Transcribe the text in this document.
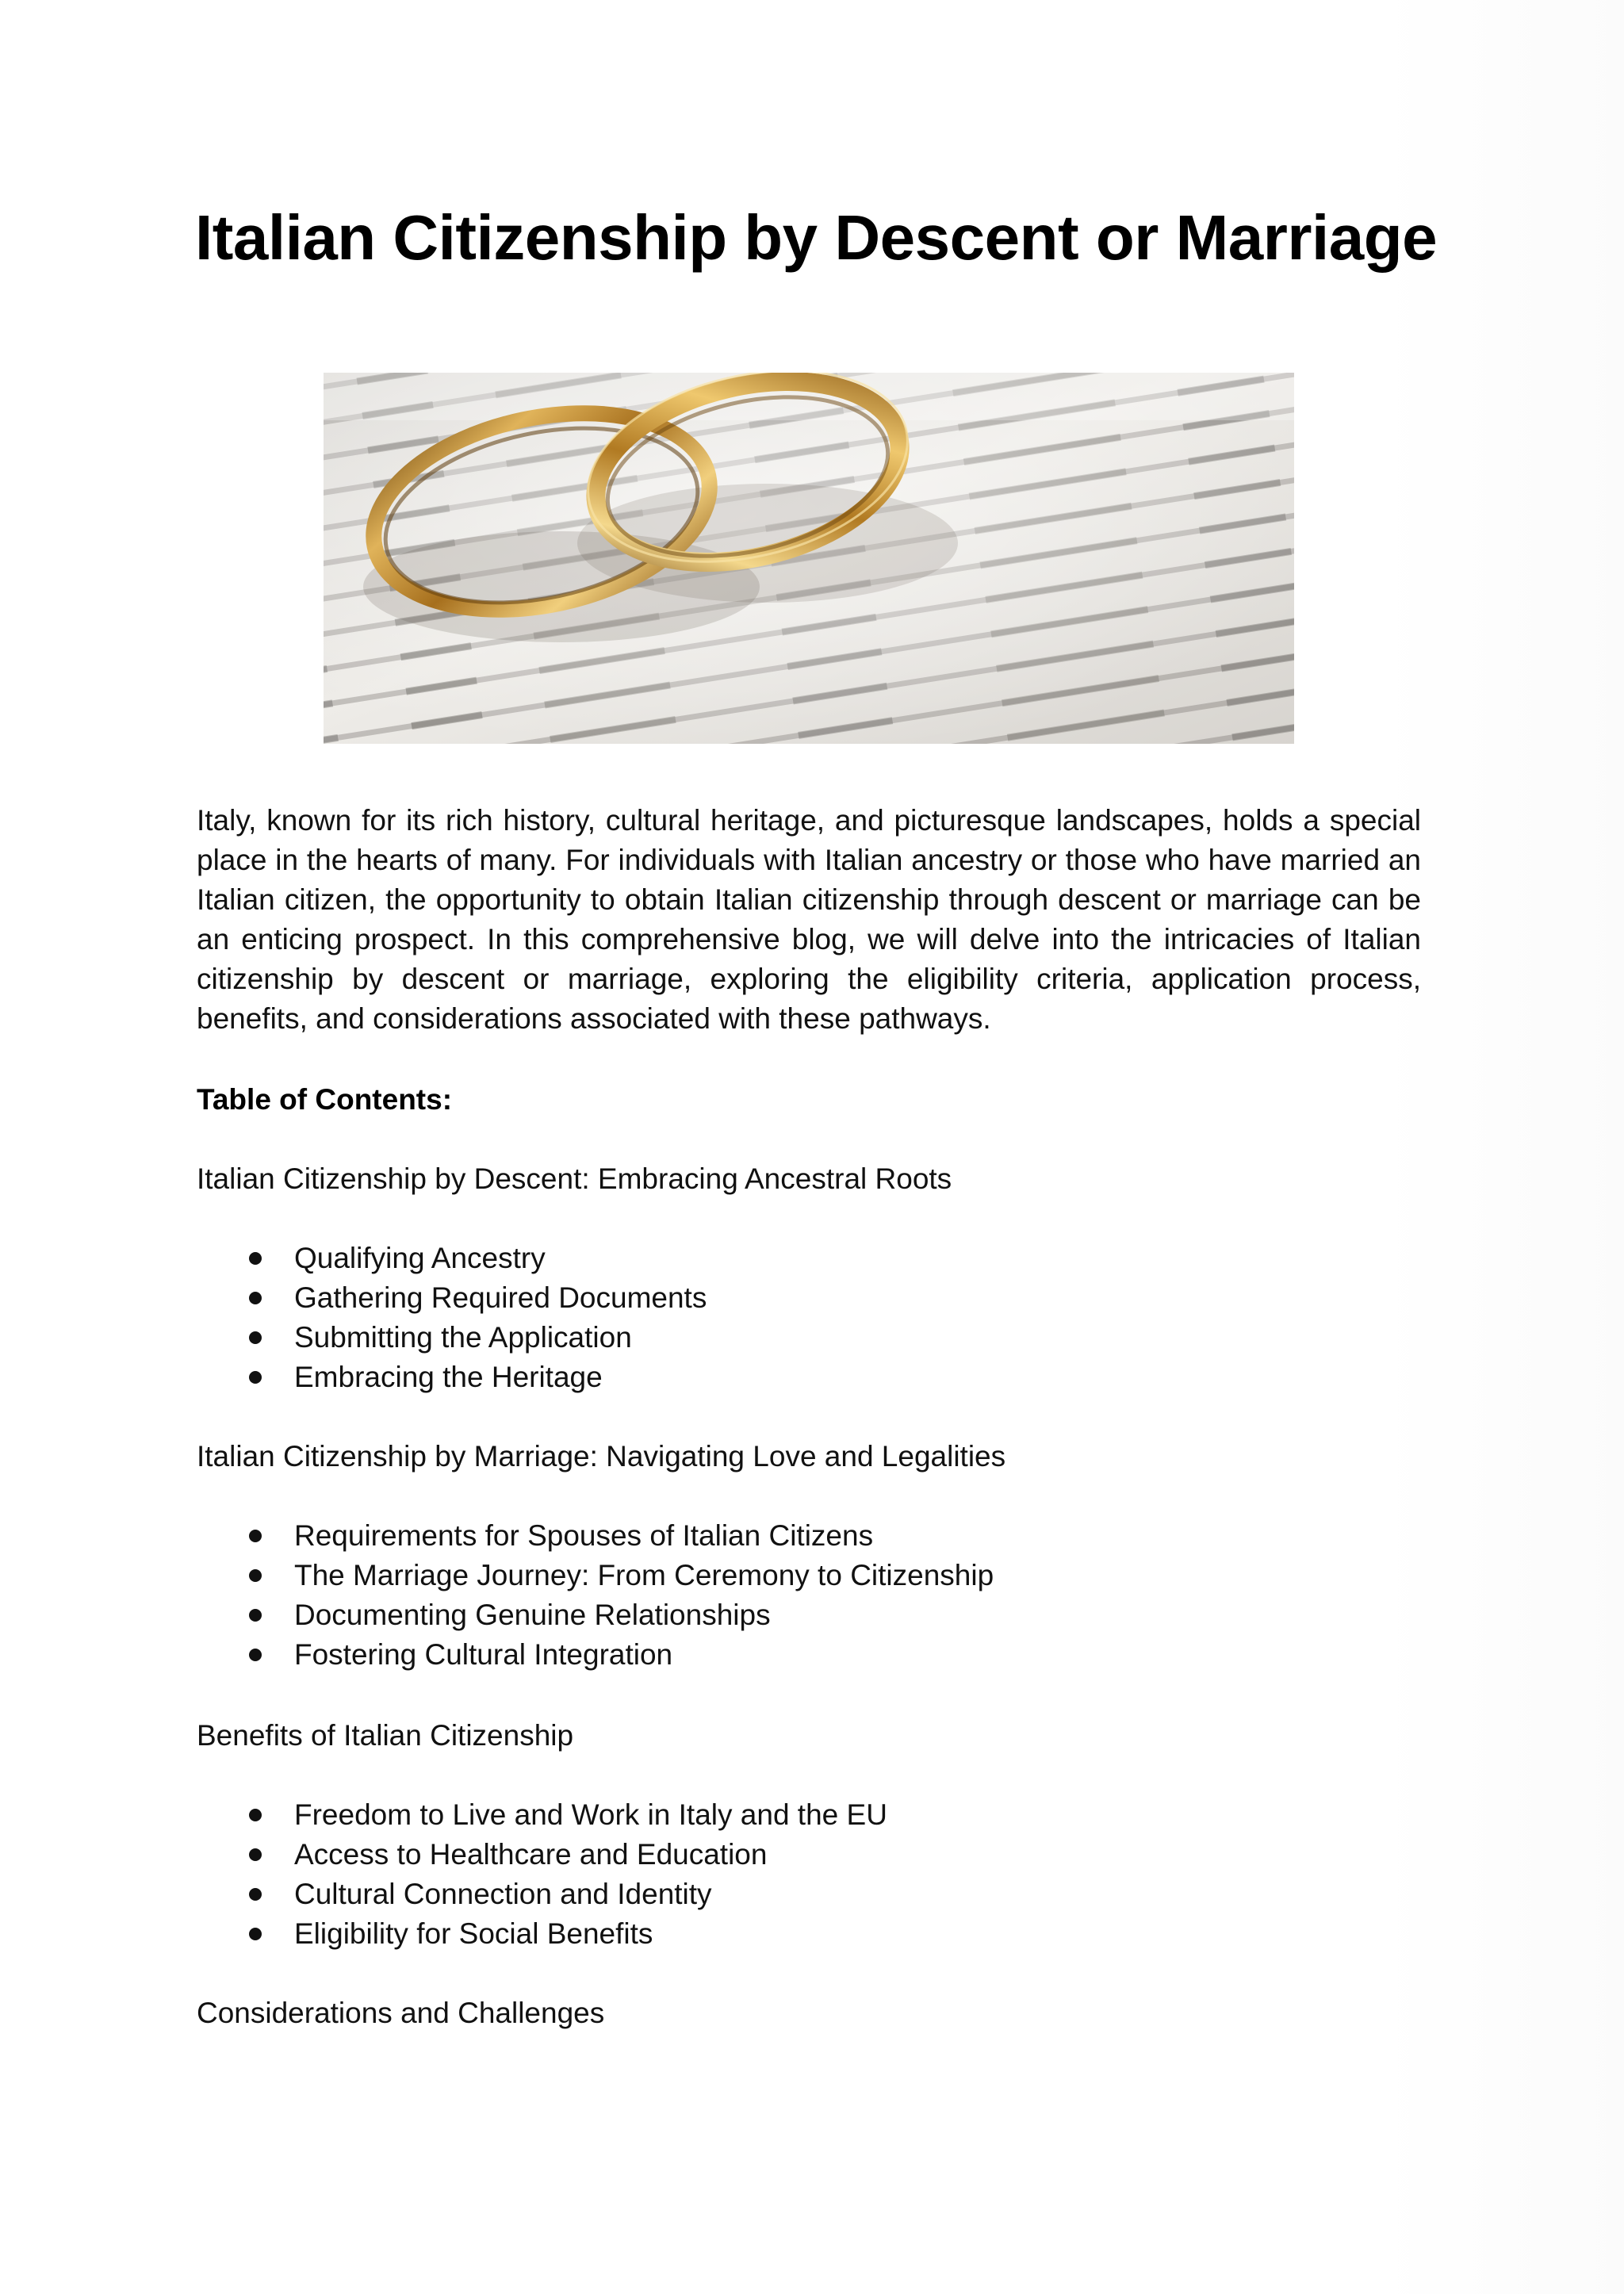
Italian Citizenship by Descent or Marriage

Italy, known for its rich history, cultural heritage, and picturesque landscapes, holds a special place in the hearts of many. For individuals with Italian ancestry or those who have married an Italian citizen, the opportunity to obtain Italian citizenship through descent or marriage can be an enticing prospect. In this comprehensive blog, we will delve into the intricacies of Italian citizenship by descent or marriage, exploring the eligibility criteria, application process, benefits, and considerations associated with these pathways.

Table of Contents:

Italian Citizenship by Descent: Embracing Ancestral Roots

Qualifying Ancestry
Gathering Required Documents
Submitting the Application
Embracing the Heritage

Italian Citizenship by Marriage: Navigating Love and Legalities

Requirements for Spouses of Italian Citizens
The Marriage Journey: From Ceremony to Citizenship
Documenting Genuine Relationships
Fostering Cultural Integration

Benefits of Italian Citizenship

Freedom to Live and Work in Italy and the EU
Access to Healthcare and Education
Cultural Connection and Identity
Eligibility for Social Benefits

Considerations and Challenges
